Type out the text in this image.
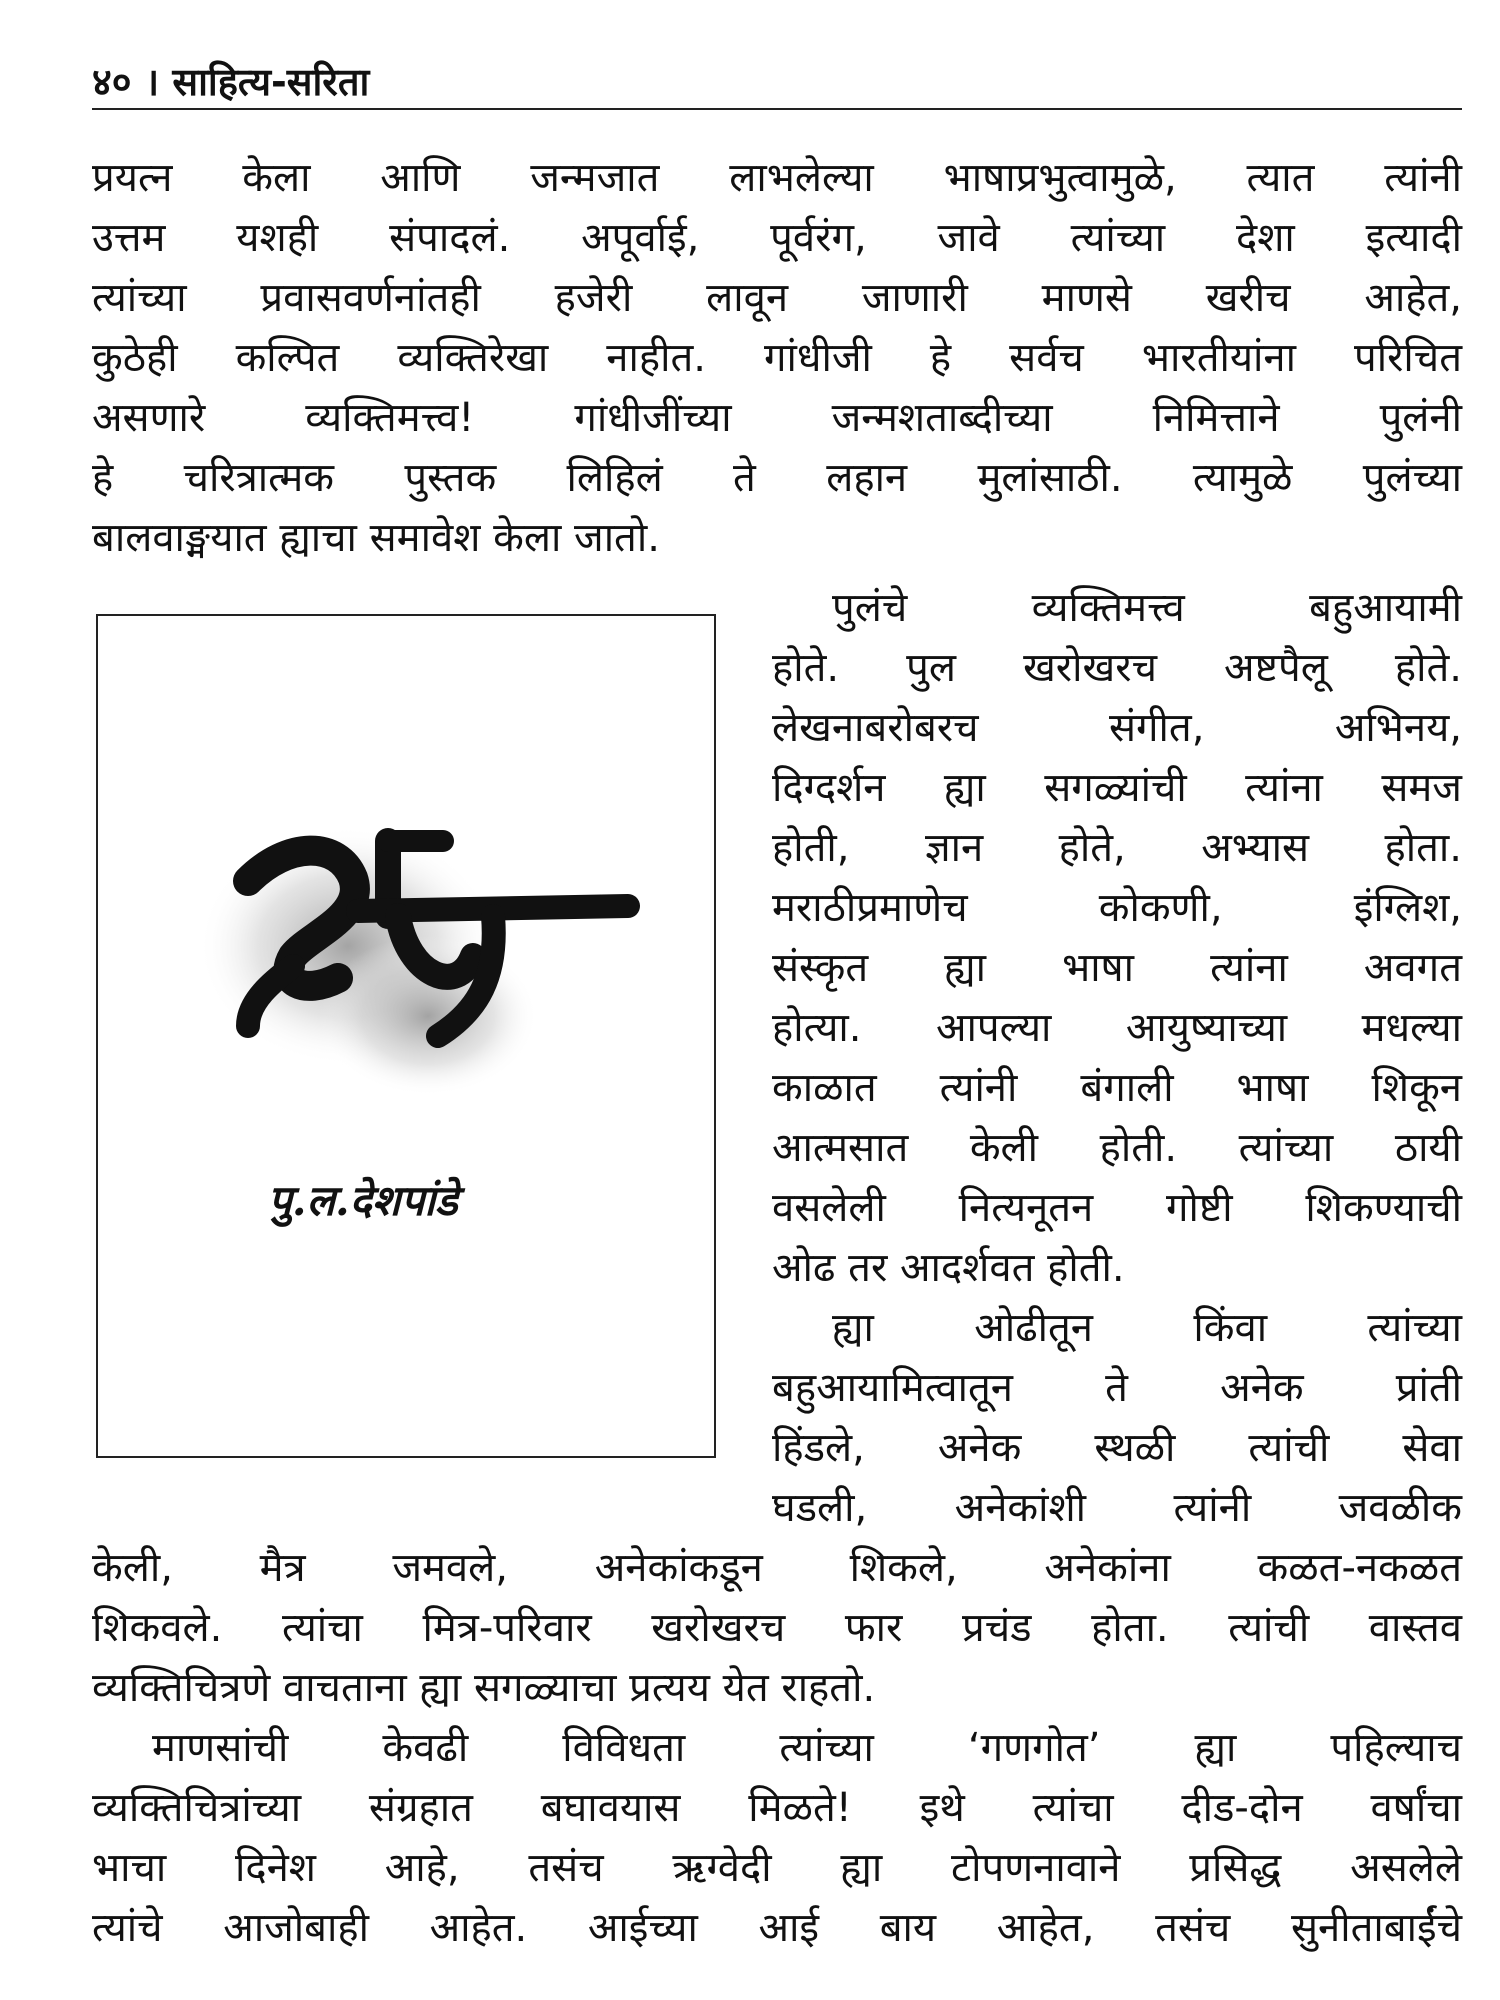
४० । साहित्य-सरिता
प्रयत्न केला आणि जन्मजात लाभलेल्या भाषाप्रभुत्वामुळे, त्यात त्यांनी
उत्तम यशही संपादलं. अपूर्वाई, पूर्वरंग, जावे त्यांच्या देशा इत्यादी
त्यांच्या प्रवासवर्णनांतही हजेरी लावून जाणारी माणसे खरीच आहेत,
कुठेही कल्पित व्यक्तिरेखा नाहीत. गांधीजी हे सर्वच भारतीयांना परिचित
असणारे व्यक्तिमत्त्व! गांधीजींच्या जन्मशताब्दीच्या निमित्ताने पुलंनी
हे चरित्रात्मक पुस्तक लिहिलं ते लहान मुलांसाठी. त्यामुळे पुलंच्या
बालवाङ्मयात ह्याचा समावेश केला जातो.
पुलं
पु.ल.देशपांडे
पुलंचे व्यक्तिमत्त्व बहुआयामी
होते. पुल खरोखरच अष्टपैलू होते.
लेखनाबरोबरच संगीत, अभिनय,
दिग्दर्शन ह्या सगळ्यांची त्यांना समज
होती, ज्ञान होते, अभ्यास होता.
मराठीप्रमाणेच कोकणी, इंग्लिश,
संस्कृत ह्या भाषा त्यांना अवगत
होत्या. आपल्या आयुष्याच्या मधल्या
काळात त्यांनी बंगाली भाषा शिकून
आत्मसात केली होती. त्यांच्या ठायी
वसलेली नित्यनूतन गोष्टी शिकण्याची
ओढ तर आदर्शवत होती.
ह्या ओढीतून किंवा त्यांच्या
बहुआयामित्वातून ते अनेक प्रांती
हिंडले, अनेक स्थळी त्यांची सेवा
घडली, अनेकांशी त्यांनी जवळीक
केली, मैत्र जमवले, अनेकांकडून शिकले, अनेकांना कळत-नकळत
शिकवले. त्यांचा मित्र-परिवार खरोखरच फार प्रचंड होता. त्यांची वास्तव
व्यक्तिचित्रणे वाचताना ह्या सगळ्याचा प्रत्यय येत राहतो.
माणसांची केवढी विविधता त्यांच्या ‘गणगोत’ ह्या पहिल्याच
व्यक्तिचित्रांच्या संग्रहात बघावयास मिळते! इथे त्यांचा दीड-दोन वर्षांचा
भाचा दिनेश आहे, तसंच ऋग्वेदी ह्या टोपणनावाने प्रसिद्ध असलेले
त्यांचे आजोबाही आहेत. आईच्या आई बाय आहेत, तसंच सुनीताबाईंचे
